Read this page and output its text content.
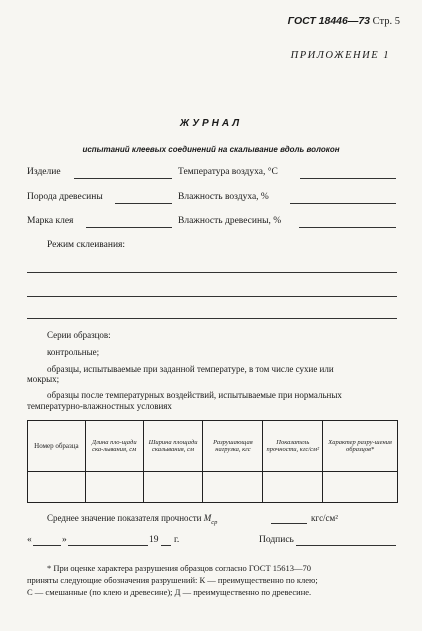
ГОСТ 18446—73 Стр. 5
ПРИЛОЖЕНИЕ 1
ЖУРНАЛ
испытаний клеевых соединений на скалывание вдоль волокон
Изделие	Температура воздуха, °С
Порода древесины	Влажность воздуха, %
Марка клея	Влажность древесины, %
Режим склеивания:
Серии образцов:
контрольные;
образцы, испытываемые при заданной температуре, в том числе сухие или
мокрых;
образцы после температурных воздействий, испытываемые при нормальных
температурно-влажностных условиях
Номер образца	Длина пло-щади ска-лывания, см	Ширина площади скалывания, см	Разрушающая нагрузка, кгс	Показатель прочности, кгс/см²	Характер разру-шения образцов*

Среднее значение показателя прочности $M_{ср}$	кгс/см²
«	»	19 г.	Подпись
* При оценке характера разрушения образцов согласно ГОСТ 15613—70
приняты следующие обозначения разрушений: К — преимущественно по клею;
С — смешанные (по клею и древесине); Д — преимущественно по древесине.
